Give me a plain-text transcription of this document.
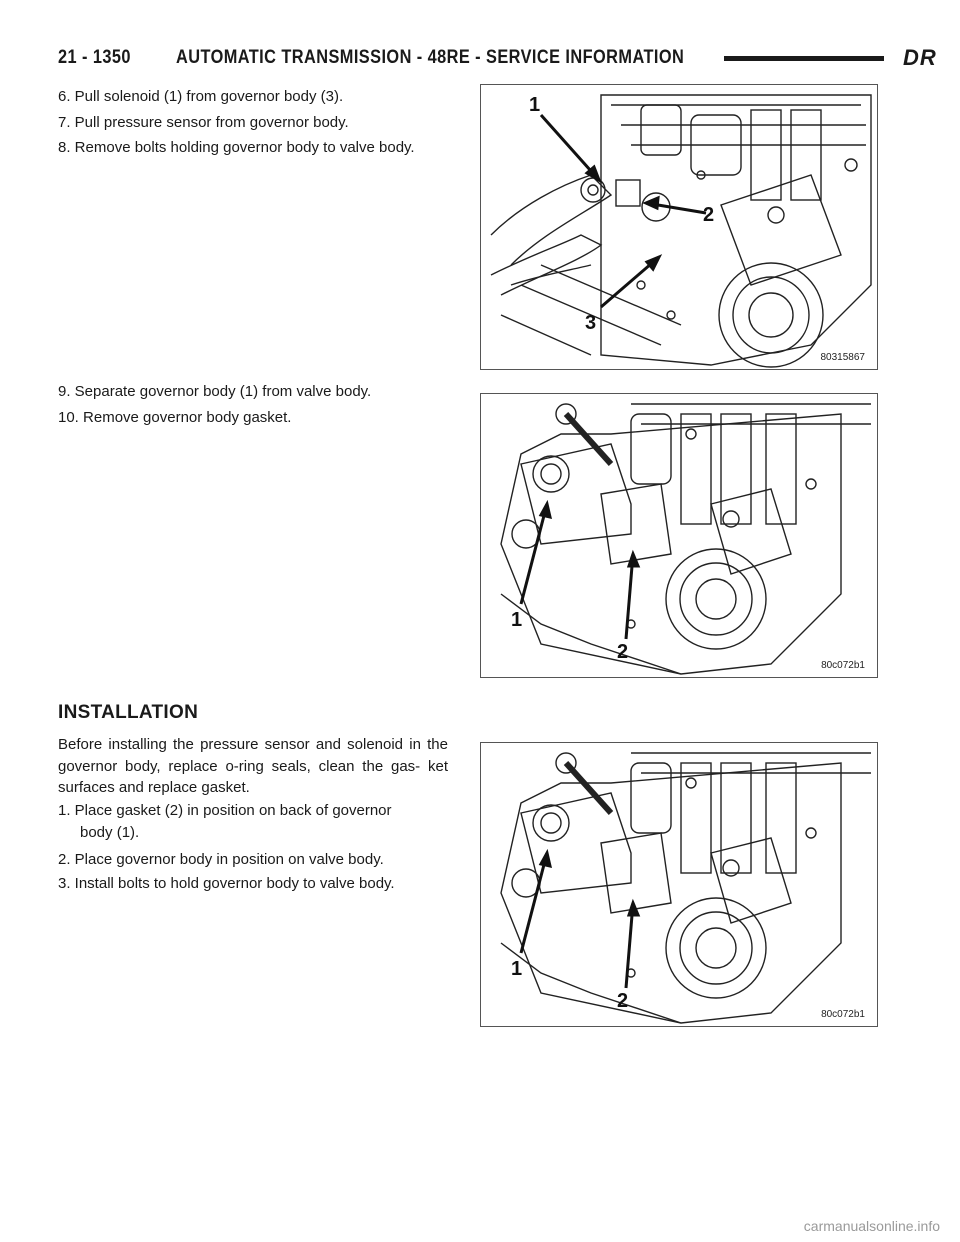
21 - 1350 AUTOMATIC TRANSMISSION - 48RE - SERVICE INFORMATION	DR
6. Pull solenoid (1) from governor body (3).
7. Pull pressure sensor from governor body.
8. Remove bolts holding governor body to valve body.
9. Separate governor body (1) from valve body.
10. Remove governor body gasket.
INSTALLATION
Before installing the pressure sensor and solenoid in the governor body, replace o-ring seals, clean the gas- ket surfaces and replace gasket.
1. Place gasket (2) in position on back of governor
body (1).
2. Place governor body in position on valve body.
3. Install bolts to hold governor body to valve body.
1
2
3
80315867
1
2
80c072b1
1
2
80c072b1
carmanualsonline.info
